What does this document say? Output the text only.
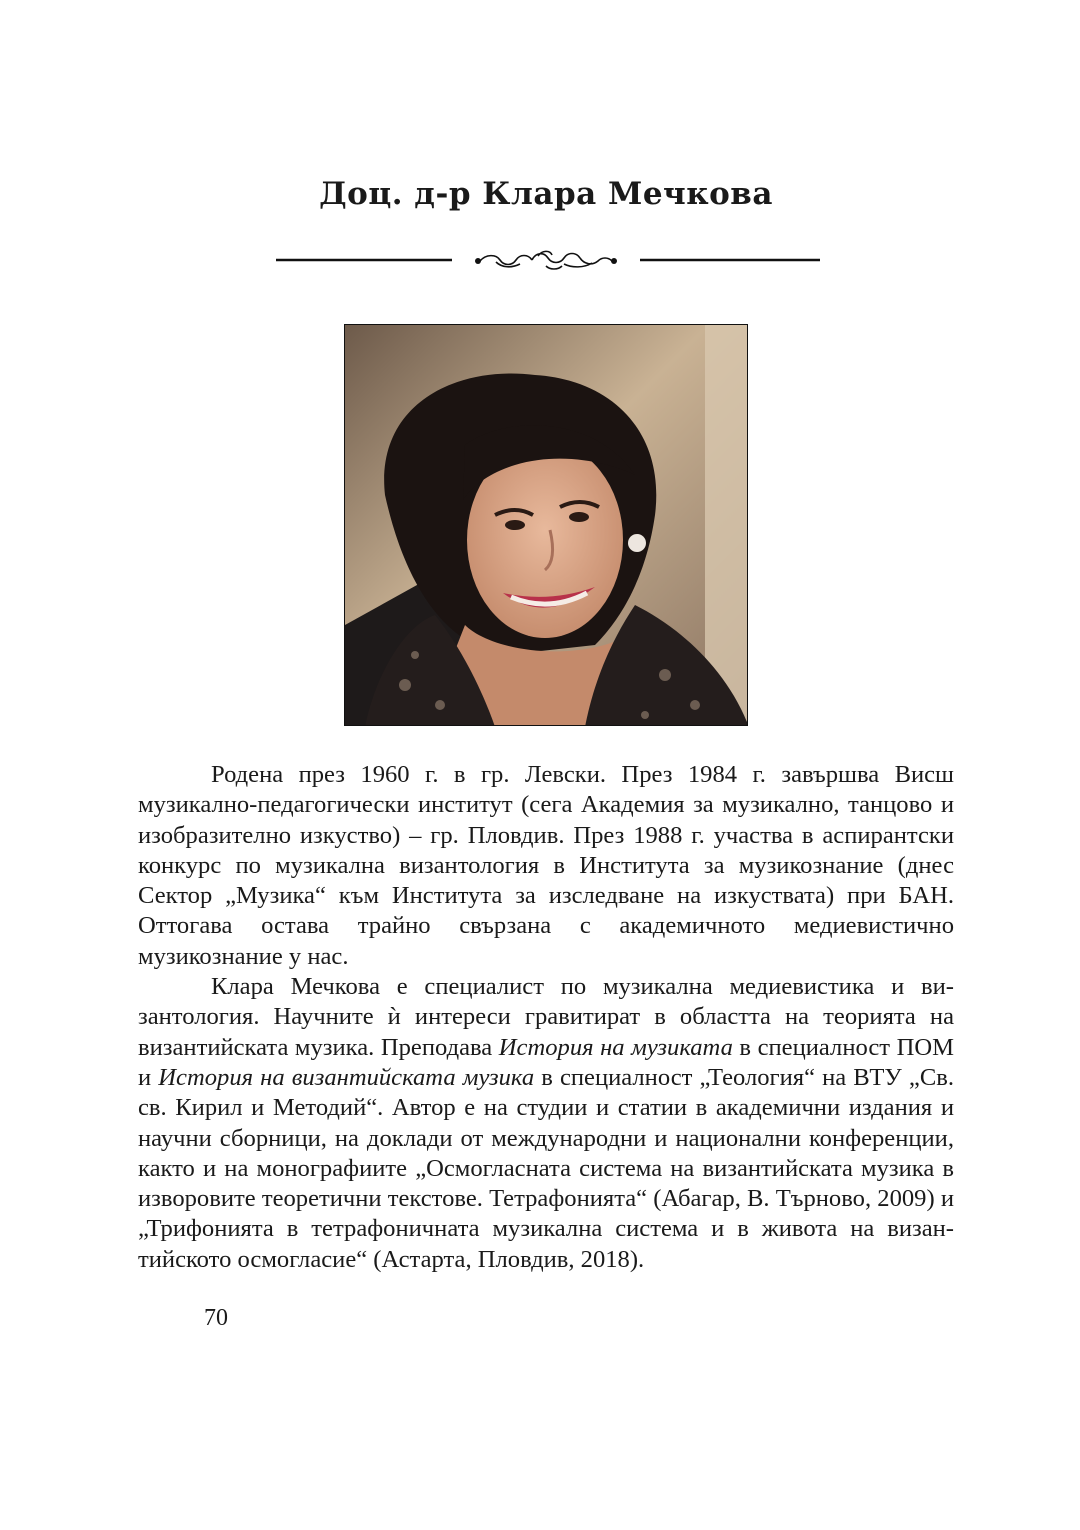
Доц. д-р Клара Мечкова

Родена през 1960 г. в гр. Левски. През 1984 г. завършва Висш музикално-педагогически институт (сега Академия за музикално, танцово и изобразително изкуство) – гр. Пловдив. През 1988 г. участва в аспирантски конкурс по музикална византология в Института за музикознание (днес Сектор „Музика“ към Института за изследване на изкуствата) при БАН. Оттогава остава трайно свързана с академичното медиевистично музикознание у нас.

Клара Мечкова е специалист по музикална медиевистика и византология. Научните ѝ интереси гравитират в областта на теорията на византийската музика. Преподава История на музиката в специалност ПОМ и История на византийската музика в специалност „Теология“ на ВТУ „Св. св. Кирил и Методий“. Автор е на студии и статии в академични издания и научни сборници, на доклади от международни и национални конференции, както и на монографиите „Осмогласната система на византийската музика в изворовите теоретични текстове. Тетрафонията“ (Абагар, В. Търново, 2009) и „Трифонията в тетрафоничната музикална система и в живота на византийското осмогласие“ (Астарта, Пловдив, 2018).

70
